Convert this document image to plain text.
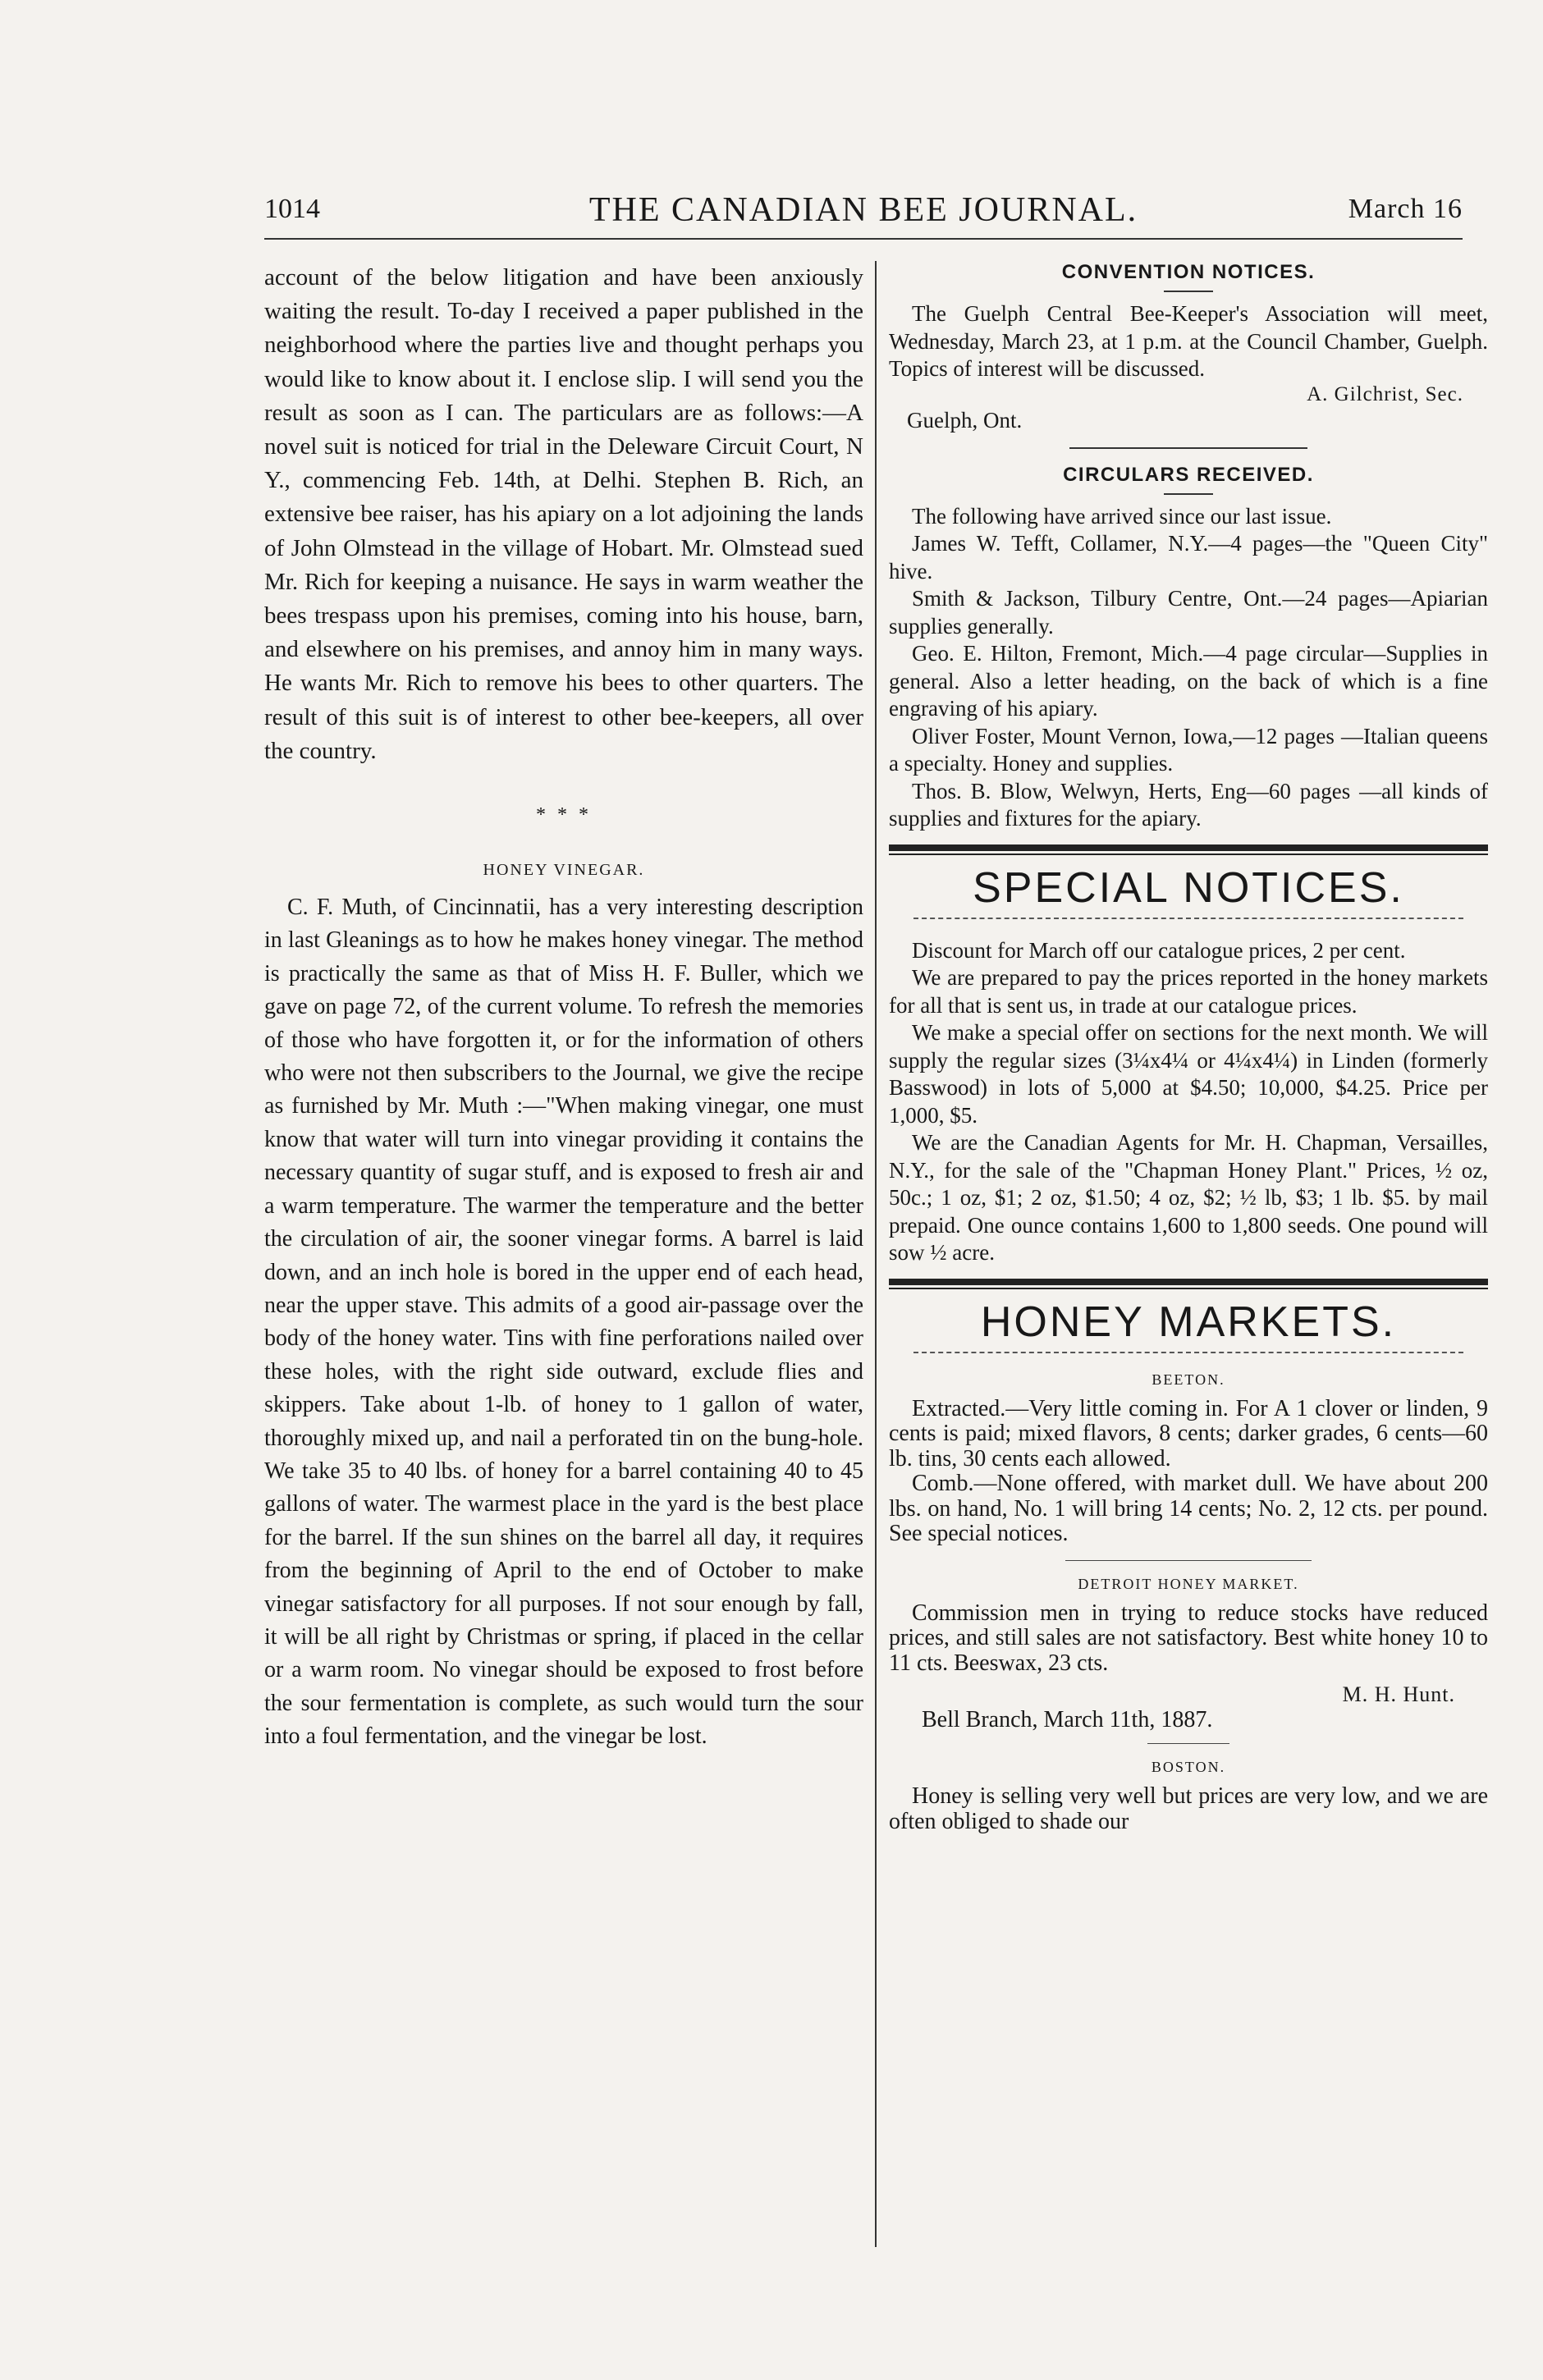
1014	THE CANADIAN BEE JOURNAL.	March 16

account of the below litigation and have been anxiously waiting the result. To-day I received a paper published in the neighborhood where the parties live and thought perhaps you would like to know about it. I enclose slip. I will send you the result as soon as I can. The particulars are as follows:—A novel suit is noticed for trial in the Deleware Circuit Court, N Y., commencing Feb. 14th, at Delhi. Stephen B. Rich, an extensive bee raiser, has his apiary on a lot adjoining the lands of John Olmstead in the village of Hobart. Mr. Olmstead sued Mr. Rich for keeping a nuisance. He says in warm weather the bees trespass upon his premises, coming into his house, barn, and elsewhere on his premises, and annoy him in many ways. He wants Mr. Rich to remove his bees to other quarters. The result of this suit is of interest to other bee-keepers, all over the country.

* * *
HONEY VINEGAR.

C. F. Muth, of Cincinnatii, has a very interesting description in last Gleanings as to how he makes honey vinegar. The method is practically the same as that of Miss H. F. Buller, which we gave on page 72, of the current volume. To refresh the memories of those who have forgotten it, or for the information of others who were not then subscribers to the Journal, we give the recipe as furnished by Mr. Muth :—"When making vinegar, one must know that water will turn into vinegar providing it contains the necessary quantity of sugar stuff, and is exposed to fresh air and a warm temperature. The warmer the temperature and the better the circulation of air, the sooner vinegar forms. A barrel is laid down, and an inch hole is bored in the upper end of each head, near the upper stave. This admits of a good air-passage over the body of the honey water. Tins with fine perforations nailed over these holes, with the right side outward, exclude flies and skippers. Take about 1-lb. of honey to 1 gallon of water, thoroughly mixed up, and nail a perforated tin on the bung-hole. We take 35 to 40 lbs. of honey for a barrel containing 40 to 45 gallons of water. The warmest place in the yard is the best place for the barrel. If the sun shines on the barrel all day, it requires from the beginning of April to the end of October to make vinegar satisfactory for all purposes. If not sour enough by fall, it will be all right by Christmas or spring, if placed in the cellar or a warm room. No vinegar should be exposed to frost before the sour fermentation is complete, as such would turn the sour into a foul fermentation, and the vinegar be lost.

CONVENTION NOTICES.

The Guelph Central Bee-Keeper's Association will meet, Wednesday, March 23, at 1 p.m. at the Council Chamber, Guelph. Topics of interest will be discussed.

A. Gilchrist, Sec.
Guelph, Ont.
CIRCULARS RECEIVED.

The following have arrived since our last issue.

James W. Tefft, Collamer, N.Y.—4 pages—the "Queen City" hive.

Smith & Jackson, Tilbury Centre, Ont.—24 pages—Apiarian supplies generally.

Geo. E. Hilton, Fremont, Mich.—4 page circular—Supplies in general. Also a letter heading, on the back of which is a fine engraving of his apiary.

Oliver Foster, Mount Vernon, Iowa,—12 pages —Italian queens a specialty. Honey and supplies.

Thos. B. Blow, Welwyn, Herts, Eng—60 pages —all kinds of supplies and fixtures for the apiary.

SPECIAL NOTICES.

Discount for March off our catalogue prices, 2 per cent.

We are prepared to pay the prices reported in the honey markets for all that is sent us, in trade at our catalogue prices.

We make a special offer on sections for the next month. We will supply the regular sizes (3¼x4¼ or 4¼x4¼) in Linden (formerly Basswood) in lots of 5,000 at $4.50; 10,000, $4.25. Price per 1,000, $5.

We are the Canadian Agents for Mr. H. Chapman, Versailles, N.Y., for the sale of the "Chapman Honey Plant." Prices, ½ oz, 50c.; 1 oz, $1; 2 oz, $1.50; 4 oz, $2; ½ lb, $3; 1 lb. $5. by mail prepaid. One ounce contains 1,600 to 1,800 seeds. One pound will sow ½ acre.

HONEY MARKETS.
BEETON.

Extracted.—Very little coming in. For A 1 clover or linden, 9 cents is paid; mixed flavors, 8 cents; darker grades, 6 cents—60 lb. tins, 30 cents each allowed.

Comb.—None offered, with market dull. We have about 200 lbs. on hand, No. 1 will bring 14 cents; No. 2, 12 cts. per pound. See special notices.

DETROIT HONEY MARKET.

Commission men in trying to reduce stocks have reduced prices, and still sales are not satisfactory. Best white honey 10 to 11 cts. Beeswax, 23 cts.

M. H. Hunt.
Bell Branch, March 11th, 1887.
BOSTON.

Honey is selling very well but prices are very low, and we are often obliged to shade our
